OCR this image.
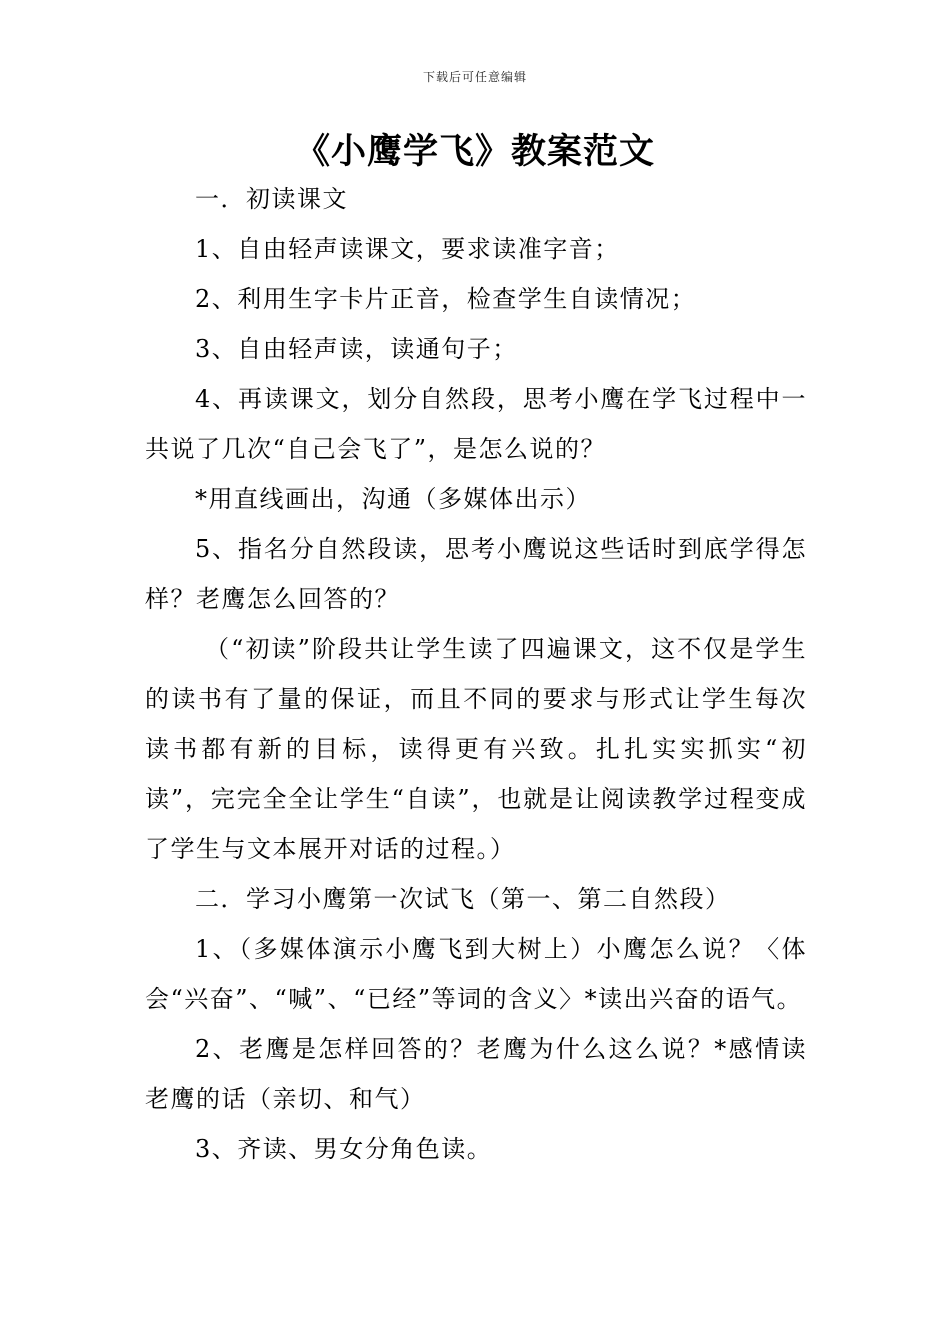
下载后可任意编辑
《小鹰学飞》教案范文

一．初读课文

1、自由轻声读课文，要求读准字音；

2、利用生字卡片正音，检查学生自读情况；

3、自由轻声读，读通句子；

4、再读课文，划分自然段，思考小鹰在学飞过程中一共说了几次“自己会飞了”，是怎么说的？

*用直线画出，沟通（多媒体出示）

5、指名分自然段读，思考小鹰说这些话时到底学得怎样？老鹰怎么回答的？

（“初读”阶段共让学生读了四遍课文，这不仅是学生的读书有了量的保证，而且不同的要求与形式让学生每次读书都有新的目标，读得更有兴致。扎扎实实抓实“初读”，完完全全让学生“自读”，也就是让阅读教学过程变成了学生与文本展开对话的过程。）

二．学习小鹰第一次试飞（第一、第二自然段）

1、（多媒体演示小鹰飞到大树上）小鹰怎么说？〈体会“兴奋”、“喊”、“已经”等词的含义〉*读出兴奋的语气。

2、老鹰是怎样回答的？老鹰为什么这么说？*感情读老鹰的话（亲切、和气）

3、齐读、男女分角色读。
